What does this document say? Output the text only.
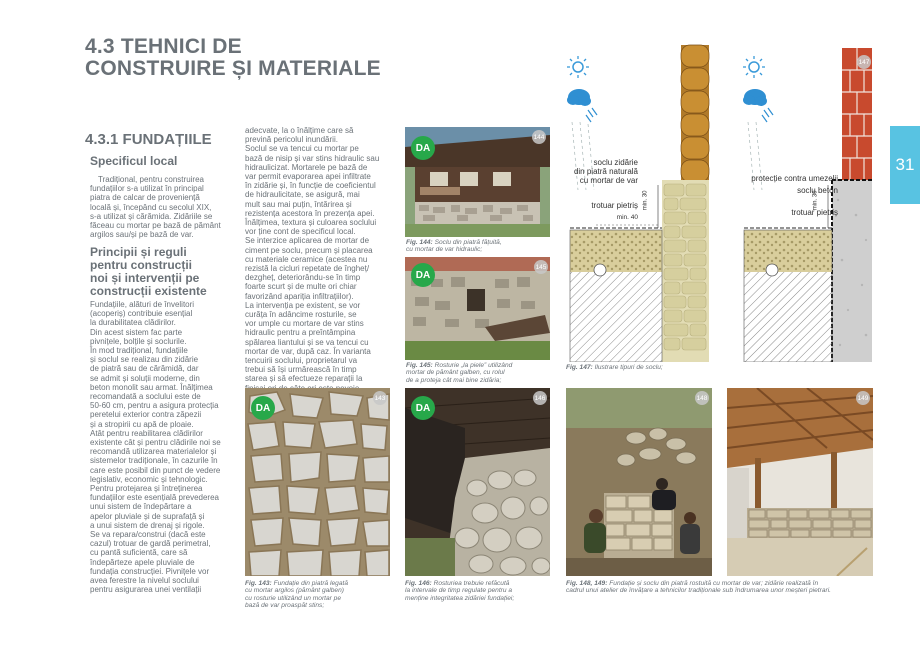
4.3 TEHNICI DE
CONSTRUIRE ȘI MATERIALE
31
4.3.1 FUNDAȚIILE
Specificul local
Tradițional, pentru construirea
fundațiilor s-a utilizat în principal
piatra de calcar de proveniență
locală și, începând cu secolul XIX,
s-a utilizat și cărămida. Zidăriile se
făceau cu mortar pe bază de pământ
argilos sau/și pe bază de var.
Principii și reguli
pentru construcții
noi și intervenții pe
construcții existente
Fundațiile, alături de învelitori
(acoperiș) contribuie esențial
la durabilitatea clădirilor.
Din acest sistem fac parte
pivnițele, bolțile și soclurile.
În mod tradițional, fundațiile
și soclul se realizau din zidărie
de piatră sau de cărămidă, dar
se admit și soluții moderne, din
beton monolit sau armat. Înălțimea
recomandată a soclului este de
50-60 cm, pentru a asigura protecția
peretelui exterior contra zăpezii
și a stropirii cu apă de ploaie.
Atât pentru reabilitarea clădirilor
existente cât și pentru clădirile noi se
recomandă utilizarea materialelor și
sistemelor tradiționale, în cazurile în
care este posibil din punct de vedere
legislativ, economic și tehnologic.
Pentru protejarea și întreținerea
fundațiilor este esențială prevederea
unui sistem de îndepărtare a
apelor pluviale și de suprafață și
a unui sistem de drenaj și rigole.
Se va repara/construi (dacă este
cazul) trotuar de gardă perimetral,
cu pantă suficientă, care să
îndepărteze apele pluviale de
fundația construcției. Pivnițele vor
avea ferestre la nivelul soclului
pentru asigurarea unei ventilații
adecvate, la o înălțime care să
prevină pericolul inundării.
Soclul se va tencui cu mortar pe
bază de nisip și var stins hidraulic sau
hidraulicizat. Mortarele pe bază de
var permit evaporarea apei infiltrate
în zidărie și, în funcție de coeficientul
de hidraulicitate, se asigură, mai
mult sau mai puțin, întărirea și
rezistența acestora în prezența apei.
Înălțimea, textura și culoarea soclului
vor ține cont de specificul local.
Se interzice aplicarea de mortar de
ciment pe soclu, precum și placarea
cu materiale ceramice (acestea nu
rezistă la cicluri repetate de îngheț/
dezgheț, deteriorându-se în timp
foarte scurt și de multe ori chiar
favorizând apariția infiltrațiilor).
La intervenția pe existent, se vor
curăța în adâncime rosturile, se
vor umple cu mortare de var stins
hidraulic pentru a preîntâmpina
spălarea liantului și se va tencui cu
mortar de var, după caz. În varianta
tencuirii soclului, proprietarul va
trebui să își urmărească în timp
starea și să efectueze reparații la

DA
144
Fig. 144: Soclu din piatră fățuită,
cu mortar de var hidraulic;
DA
145
Fig. 145: Rosturie „la piele” utilizând
mortar de pământ galben, cu rolul
de a proteja cât mai bine zidăria;
soclu zidărie
din piatră naturală
cu mortar de var
trotuar pietriș
min. 40
min. 30
protecție contra umezelii
soclu beton
trotuar pietriș
min. 30
147
Fig. 147: Ilustrare tipuri de soclu;
DA
143
Fig. 143: Fundație din piatră legată
cu mortar argilos (pământ galben)
cu rosturie utilizând un mortar pe
bază de var proaspăt stins;
DA
146
Fig. 146: Rosturiea trebuie refăcută
la intervale de timp regulate pentru a
menține integritatea zidăriei fundației;
148	149
Fig. 148, 149: Fundație și soclu din piatră rostuită cu mortar de var; zidărie realizată în
cadrul unui atelier de învățare a tehnicilor tradiționale sub îndrumarea unor meșteri pietrari.
